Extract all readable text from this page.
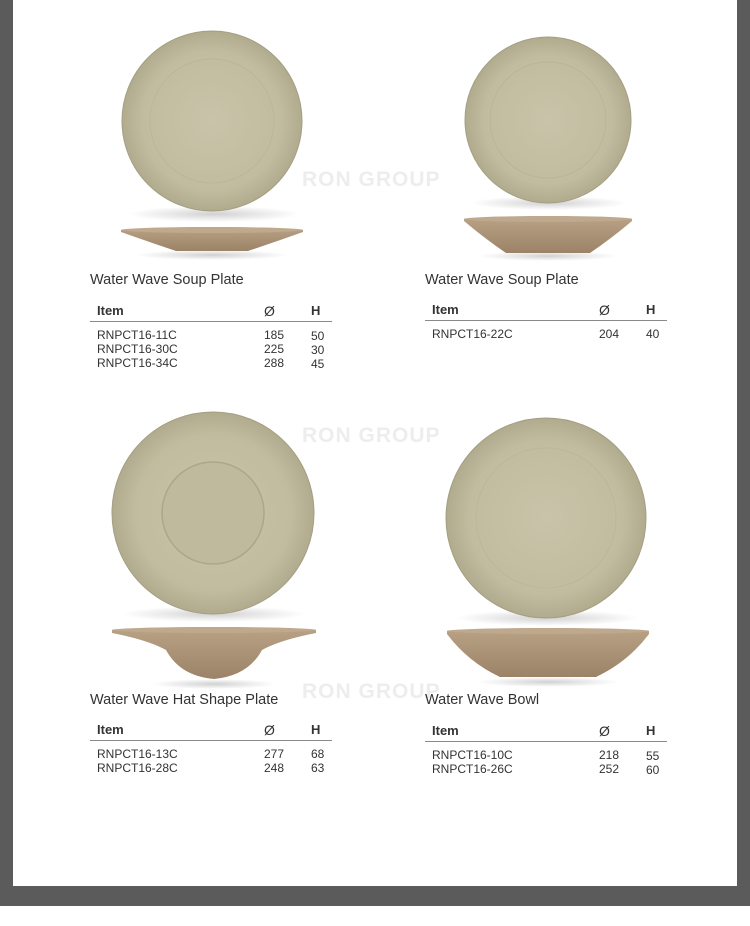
RON GROUP
RON GROUP
RON GROUP
Water Wave Soup Plate
Item	Ø	H
RNPCT16-11C	185 50
RNPCT16-30C	225 30
RNPCT16-34C	288 45
Water Wave Soup Plate
Item	Ø	H
RNPCT16-22C	204 40
Water Wave Hat Shape Plate
Item	Ø	H
RNPCT16-13C	277 68
RNPCT16-28C	248 63
Water Wave Bowl
Item	Ø	H
RNPCT16-10C	218 55
RNPCT16-26C	252 60
